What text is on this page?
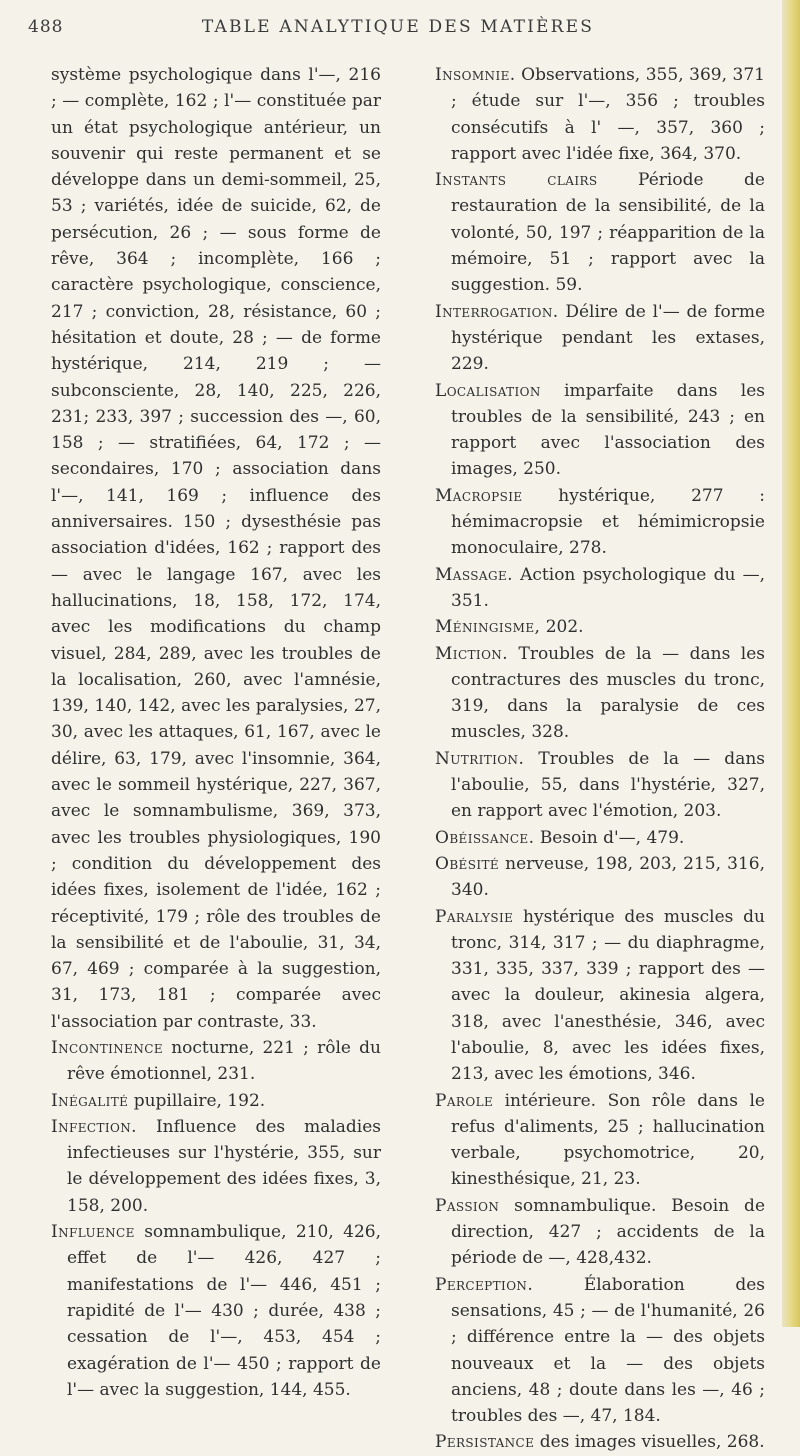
488	TABLE ANALYTIQUE DES MATIÈRES

système psychologique dans l'—, 216 ; — complète, 162 ; l'— constituée par un état psychologique antérieur, un souvenir qui reste permanent et se développe dans un demi-sommeil, 25, 53 ; variétés, idée de suicide, 62, de persécution, 26 ; — sous forme de rêve, 364 ; incomplète, 166 ; caractère psychologique, conscience, 217 ; conviction, 28, résistance, 60 ; hésitation et doute, 28 ; — de forme hystérique, 214, 219 ; — subconsciente, 28, 140, 225, 226, 231; 233, 397 ; succession des —, 60, 158 ; — stratifiées, 64, 172 ; — secondaires, 170 ; association dans l'—, 141, 169 ; influence des anniversaires. 150 ; dysesthésie pas association d'idées, 162 ; rapport des — avec le langage 167, avec les hallucinations, 18, 158, 172, 174, avec les modifications du champ visuel, 284, 289, avec les troubles de la localisation, 260, avec l'amnésie, 139, 140, 142, avec les paralysies, 27, 30, avec les attaques, 61, 167, avec le délire, 63, 179, avec l'insomnie, 364, avec le sommeil hystérique, 227, 367, avec le somnambulisme, 369, 373, avec les troubles physiologiques, 190 ; condition du développement des idées fixes, isolement de l'idée, 162 ; réceptivité, 179 ; rôle des troubles de la sensibilité et de l'aboulie, 31, 34, 67, 469 ; comparée à la suggestion, 31, 173, 181 ; comparée avec l'association par contraste, 33.

Incontinence nocturne, 221 ; rôle du rêve émotionnel, 231.

Inégalité pupillaire, 192.

Infection. Influence des maladies infectieuses sur l'hystérie, 355, sur le développement des idées fixes, 3, 158, 200.

Influence somnambulique, 210, 426, effet de l'— 426, 427 ; manifestations de l'— 446, 451 ; rapidité de l'— 430 ; durée, 438 ; cessation de l'—, 453, 454 ; exagération de l'— 450 ; rapport de l'— avec la suggestion, 144, 455.

Insomnie. Observations, 355, 369, 371 ; étude sur l'—, 356 ; troubles consécutifs à l' —, 357, 360 ; rapport avec l'idée fixe, 364, 370.

Instants clairs Période de restauration de la sensibilité, de la volonté, 50, 197 ; réapparition de la mémoire, 51 ; rapport avec la suggestion. 59.

Interrogation. Délire de l'— de forme hystérique pendant les extases, 229.

Localisation imparfaite dans les troubles de la sensibilité, 243 ; en rapport avec l'association des images, 250.

Macropsie hystérique, 277 : hémimacropsie et hémimicropsie monoculaire, 278.

Massage. Action psychologique du —, 351.

Méningisme, 202.

Miction. Troubles de la — dans les contractures des muscles du tronc, 319, dans la paralysie de ces muscles, 328.

Nutrition. Troubles de la — dans l'aboulie, 55, dans l'hystérie, 327, en rapport avec l'émotion, 203.

Obéissance. Besoin d'—, 479.

Obésité nerveuse, 198, 203, 215, 316, 340.

Paralysie hystérique des muscles du tronc, 314, 317 ; — du diaphragme, 331, 335, 337, 339 ; rapport des — avec la douleur, akinesia algera, 318, avec l'anesthésie, 346, avec l'aboulie, 8, avec les idées fixes, 213, avec les émotions, 346.

Parole intérieure. Son rôle dans le refus d'aliments, 25 ; hallucination verbale, psychomotrice, 20, kinesthésique, 21, 23.

Passion somnambulique. Besoin de direction, 427 ; accidents de la période de —, 428,432.

Perception.	Élaboration des sensations, 45 ; — de l'humanité, 26 ; différence entre la — des objets nouveaux et la — des objets anciens, 48 ; doute dans les —, 46 ; troubles des —, 47, 184.

Persistance des images visuelles, 268.
